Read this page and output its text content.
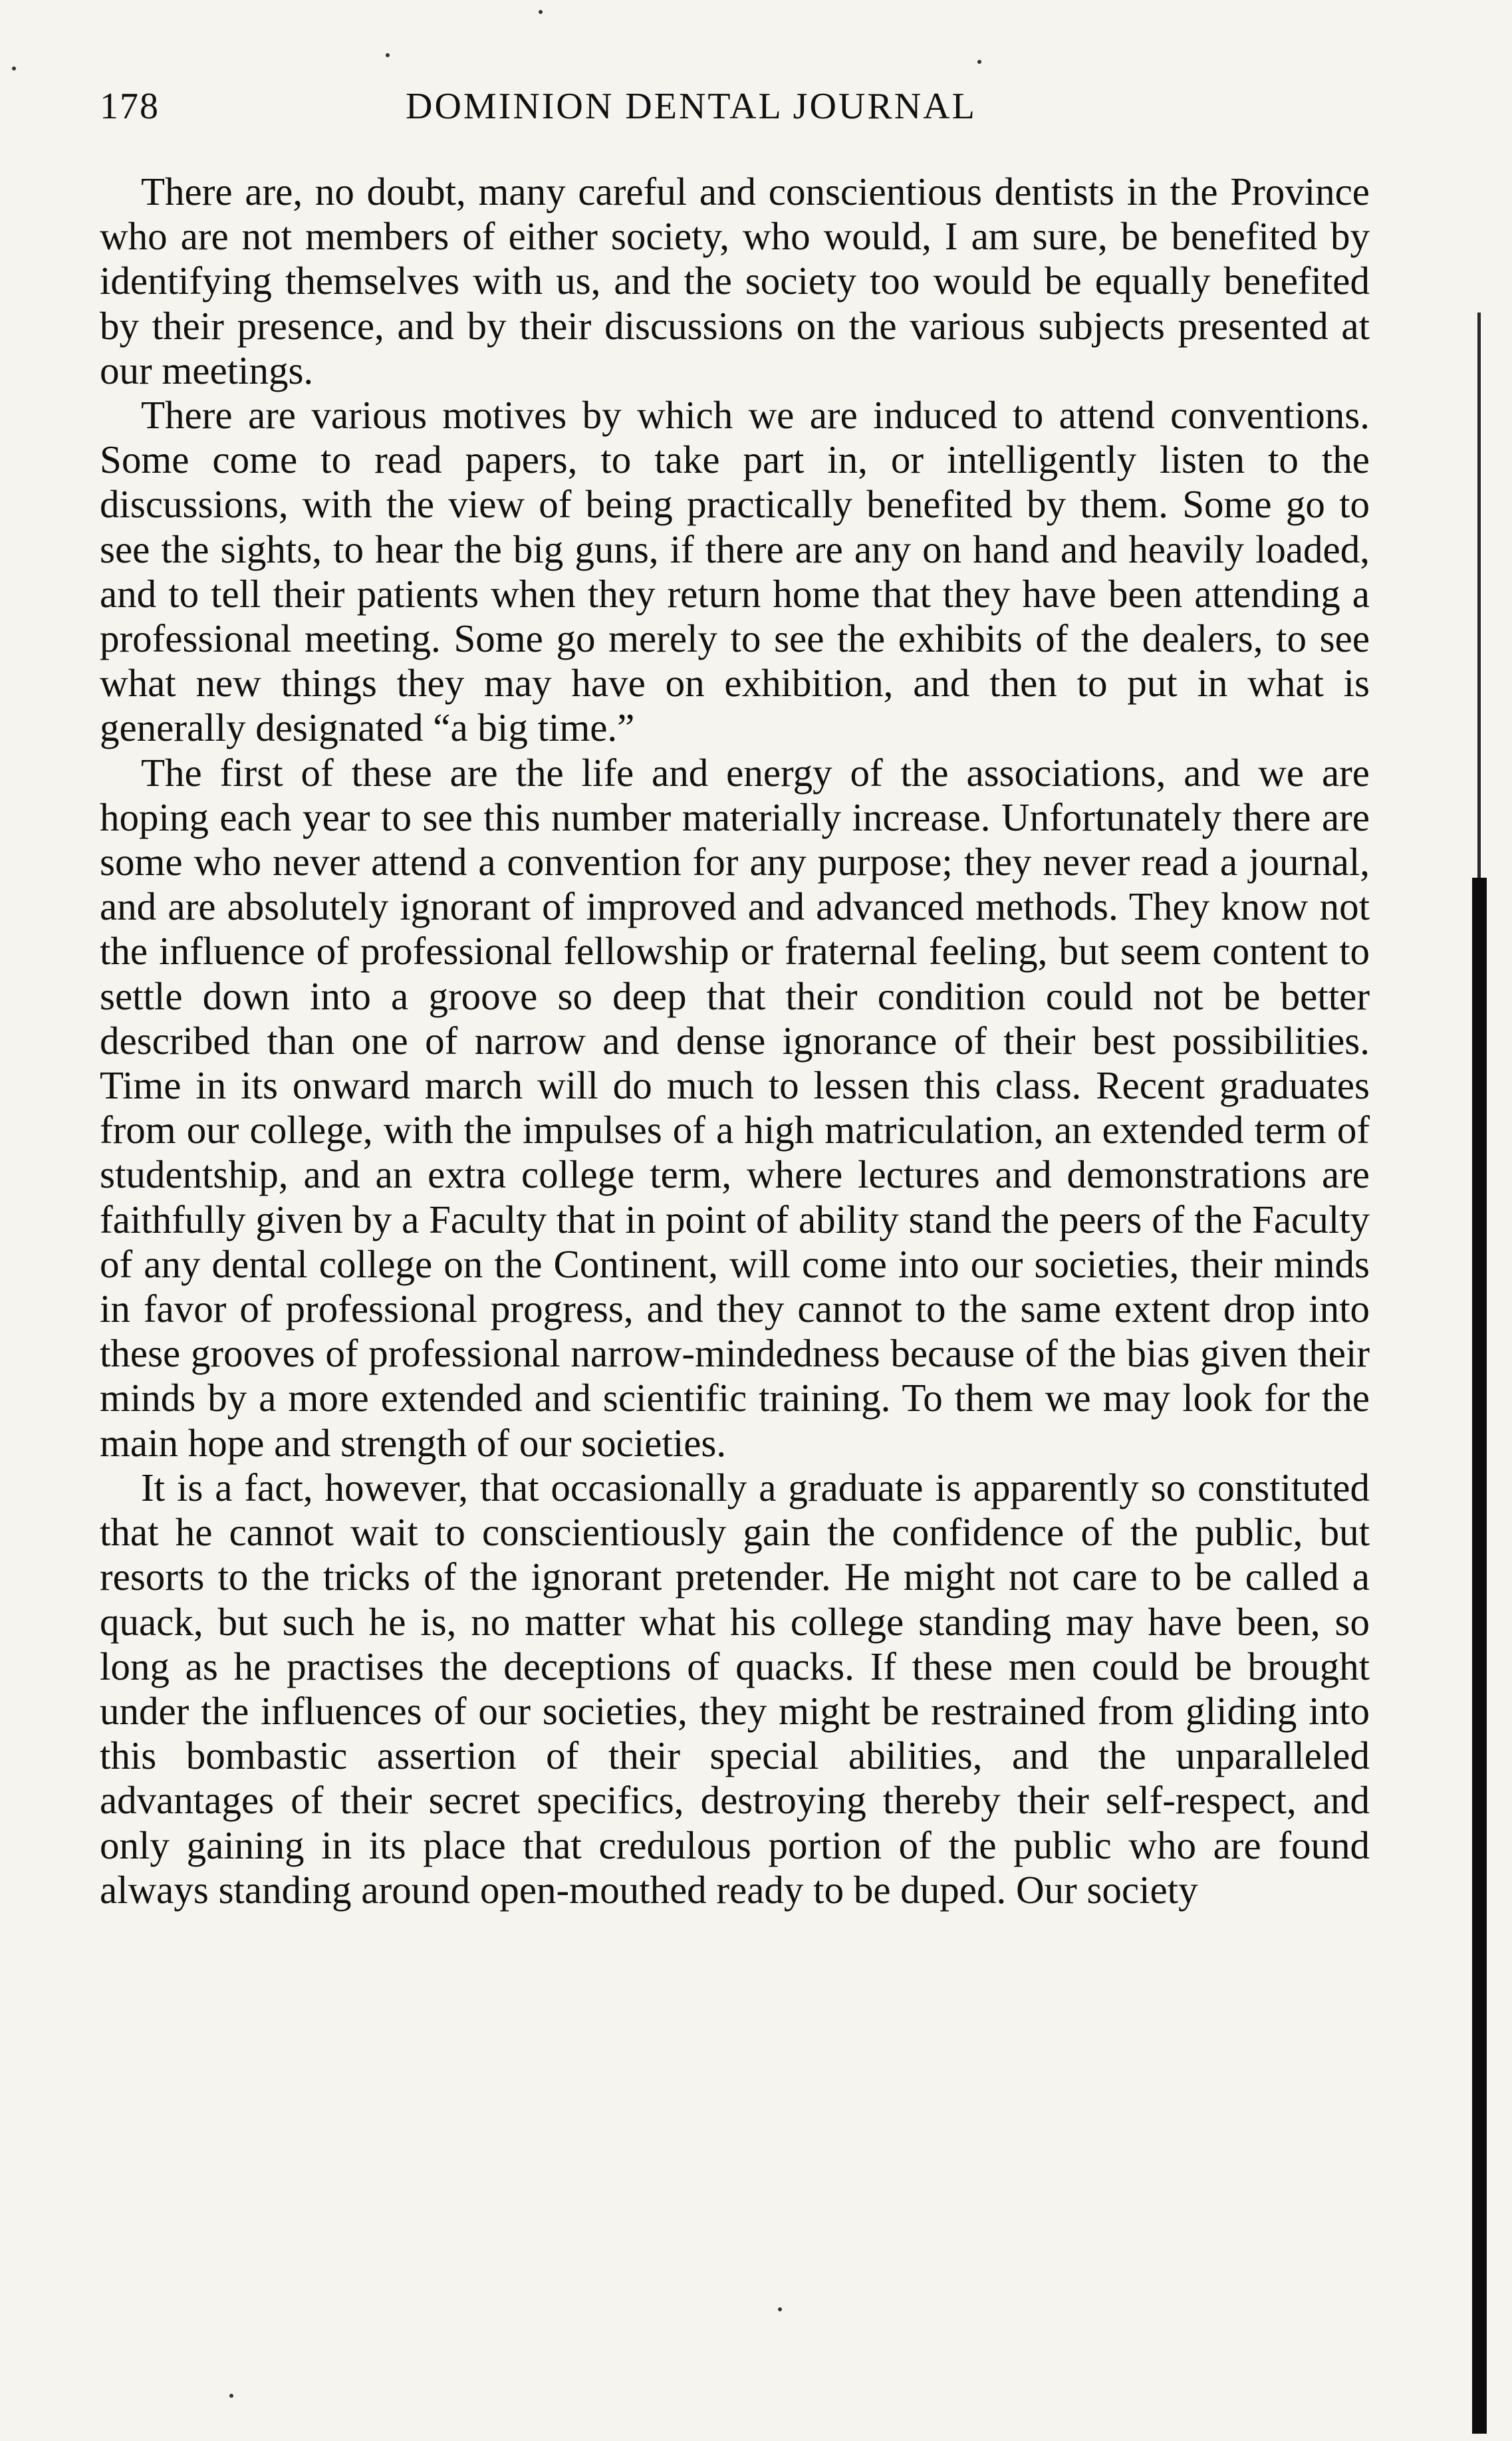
178	DOMINION DENTAL JOURNAL

There are, no doubt, many careful and conscientious dentists in the Province who are not members of either society, who would, I am sure, be benefited by identifying themselves with us, and the society too would be equally benefited by their presence, and by their discussions on the various subjects presented at our meetings.

There are various motives by which we are induced to attend conventions. Some come to read papers, to take part in, or intelligently listen to the discussions, with the view of being practically benefited by them. Some go to see the sights, to hear the big guns, if there are any on hand and heavily loaded, and to tell their patients when they return home that they have been attending a professional meeting. Some go merely to see the exhibits of the dealers, to see what new things they may have on exhibition, and then to put in what is generally designated “a big time.”

The first of these are the life and energy of the associations, and we are hoping each year to see this number materially increase. Unfortunately there are some who never attend a convention for any purpose; they never read a journal, and are absolutely ignorant of improved and advanced methods. They know not the influence of professional fellowship or fraternal feeling, but seem content to settle down into a groove so deep that their condition could not be better described than one of narrow and dense ignorance of their best possibilities. Time in its onward march will do much to lessen this class. Recent graduates from our college, with the impulses of a high matriculation, an extended term of studentship, and an extra college term, where lectures and demonstrations are faithfully given by a Faculty that in point of ability stand the peers of the Faculty of any dental college on the Continent, will come into our societies, their minds in favor of professional progress, and they cannot to the same extent drop into these grooves of professional narrow-mindedness because of the bias given their minds by a more extended and scientific training. To them we may look for the main hope and strength of our societies.

It is a fact, however, that occasionally a graduate is apparently so constituted that he cannot wait to conscientiously gain the confidence of the public, but resorts to the tricks of the ignorant pretender. He might not care to be called a quack, but such he is, no matter what his college standing may have been, so long as he practises the deceptions of quacks. If these men could be brought under the influences of our societies, they might be restrained from gliding into this bombastic assertion of their special abilities, and the unparalleled advantages of their secret specifics, destroying thereby their self-respect, and only gaining in its place that credulous portion of the public who are found always standing around open-mouthed ready to be duped. Our society
